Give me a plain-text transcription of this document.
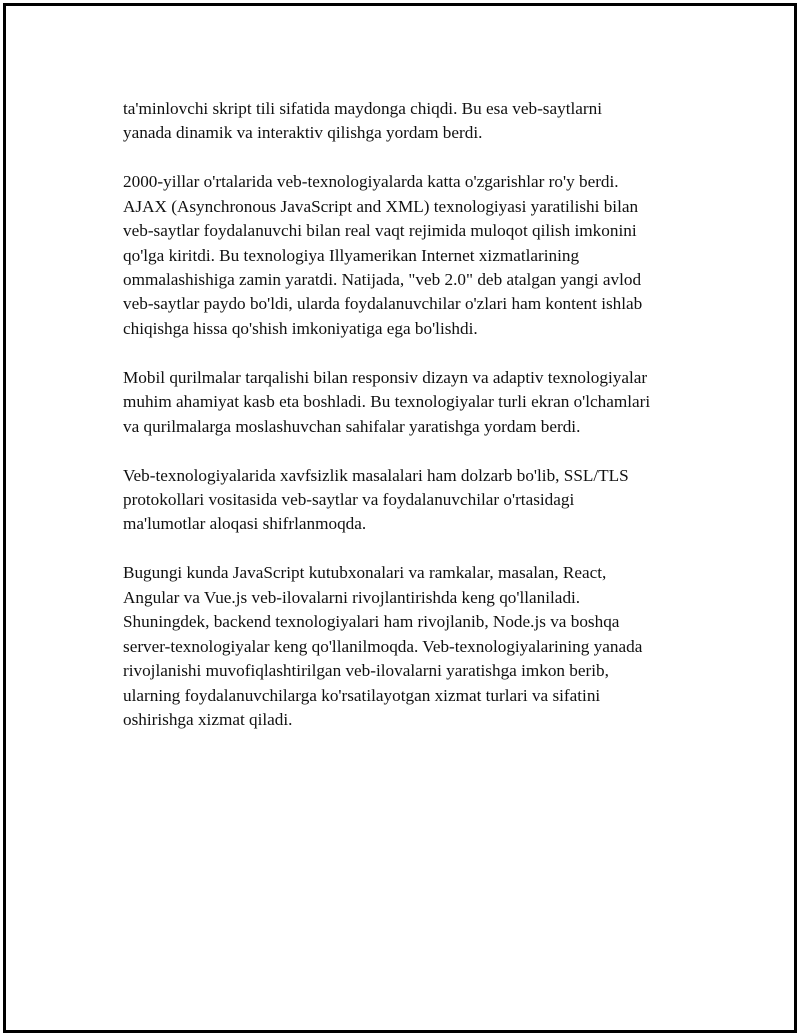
ta'minlovchi skript tili sifatida maydonga chiqdi. Bu esa veb-saytlarni
yanada dinamik va interaktiv qilishga yordam berdi.

2000-yillar o'rtalarida veb-texnologiyalarda katta o'zgarishlar ro'y berdi.
AJAX (Asynchronous JavaScript and XML) texnologiyasi yaratilishi bilan
veb-saytlar foydalanuvchi bilan real vaqt rejimida muloqot qilish imkonini
qo'lga kiritdi. Bu texnologiya Illyamerikan Internet xizmatlarining
ommalashishiga zamin yaratdi. Natijada, "veb 2.0" deb atalgan yangi avlod
veb-saytlar paydo bo'ldi, ularda foydalanuvchilar o'zlari ham kontent ishlab
chiqishga hissa qo'shish imkoniyatiga ega bo'lishdi.

Mobil qurilmalar tarqalishi bilan responsiv dizayn va adaptiv texnologiyalar
muhim ahamiyat kasb eta boshladi. Bu texnologiyalar turli ekran o'lchamlari
va qurilmalarga moslashuvchan sahifalar yaratishga yordam berdi.

Veb-texnologiyalarida xavfsizlik masalalari ham dolzarb bo'lib, SSL/TLS
protokollari vositasida veb-saytlar va foydalanuvchilar o'rtasidagi
ma'lumotlar aloqasi shifrlanmoqda.

Bugungi kunda JavaScript kutubxonalari va ramkalar, masalan, React,
Angular va Vue.js veb-ilovalarni rivojlantirishda keng qo'llaniladi.
Shuningdek, backend texnologiyalari ham rivojlanib, Node.js va boshqa
server-texnologiyalar keng qo'llanilmoqda. Veb-texnologiyalarining yanada
rivojlanishi muvofiqlashtirilgan veb-ilovalarni yaratishga imkon berib,
ularning foydalanuvchilarga ko'rsatilayotgan xizmat turlari va sifatini
oshirishga xizmat qiladi.
